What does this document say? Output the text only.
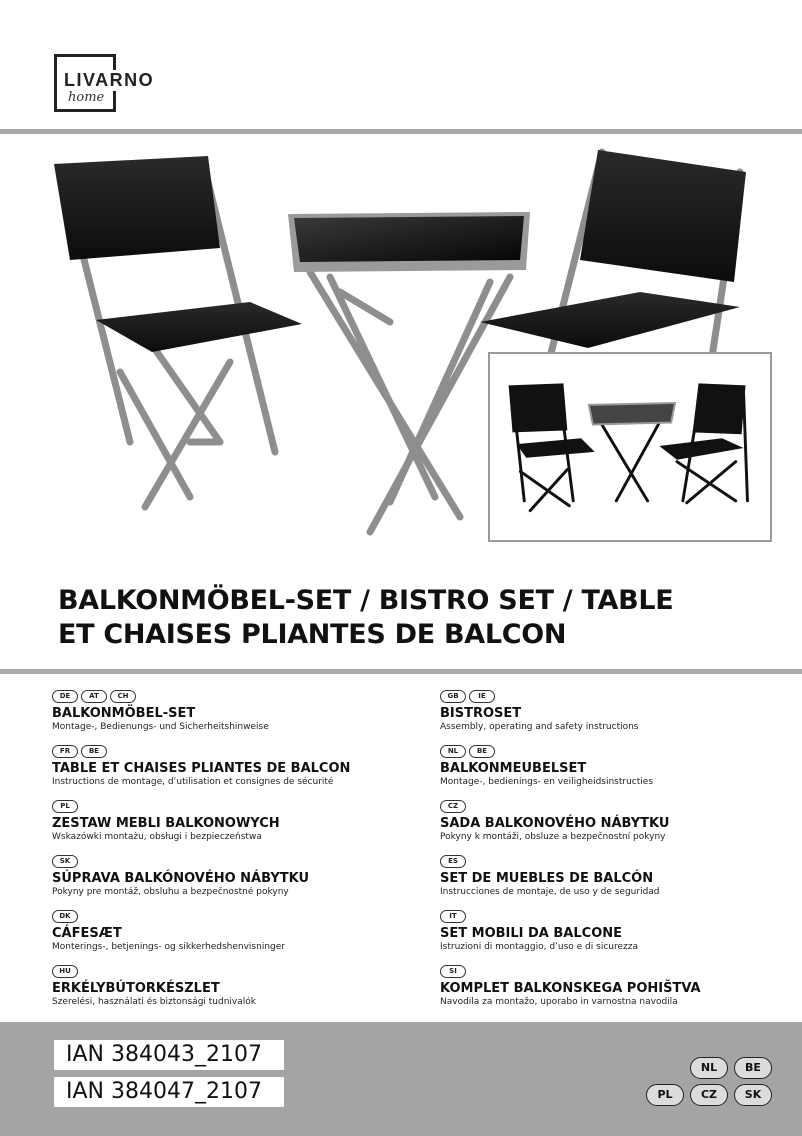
LIVARNO
home
BALKONMÖBEL-SET / BISTRO SET / TABLE
ET CHAISES PLIANTES DE BALCON
DE	AT	CH
BALKONMÖBEL-SET
Montage-, Bedienungs- und Sicherheitshinweise
FR	BE
TABLE ET CHAISES PLIANTES DE BALCON
Instructions de montage, d’utilisation et consignes de sécurité
PL
ZESTAW MEBLI BALKONOWYCH
Wskazówki montażu, obsługi i bezpieczeństwa
SK
SÚPRAVA BALKÓNOVÉHO NÁBYTKU
Pokyny pre montáž, obsluhu a bezpečnostné pokyny
DK
CÁFESÆT
Monterings-, betjenings- og sikkerhedshenvisninger
HU
ERKÉLYBÚTORKÉSZLET
Szerelési, használati és biztonsági tudnivalók
GB	IE
BISTROSET
Assembly, operating and safety instructions
NL	BE
BALKONMEUBELSET
Montage-, bedienings- en veiligheidsinstructies
CZ
SADA BALKONOVÉHO NÁBYTKU
Pokyny k montáži, obsluze a bezpečnostní pokyny
ES
SET DE MUEBLES DE BALCÓN
Instrucciones de montaje, de uso y de seguridad
IT
SET MOBILI DA BALCONE
Istruzioni di montaggio, d’uso e di sicurezza
SI
KOMPLET BALKONSKEGA POHIŠTVA
Navodila za montažo, uporabo in varnostna navodila
IAN 384043_2107
IAN 384047_2107
NL	BE
PL	CZ	SK
